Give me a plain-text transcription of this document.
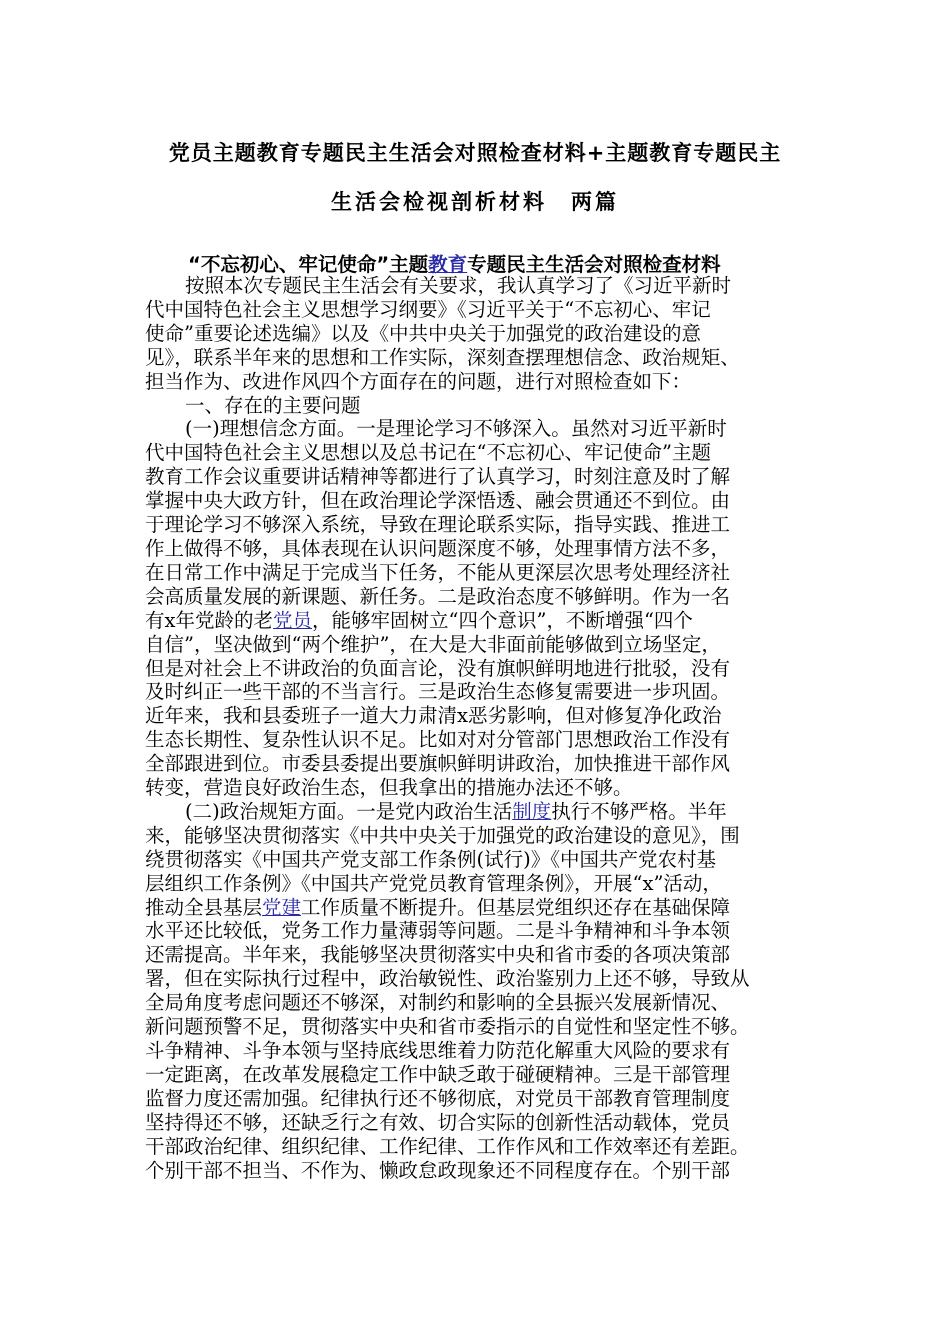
党员主题教育专题民主生活会对照检查材料+主题教育专题民主
生活会检视剖析材料　两篇
“不忘初心、牢记使命”主题教育专题民主生活会对照检查材料
按照本次专题民主生活会有关要求，我认真学习了《习近平新时
代中国特色社会主义思想学习纲要》《习近平关于“不忘初心、牢记
使命”重要论述选编》以及《中共中央关于加强党的政治建设的意
见》，联系半年来的思想和工作实际，深刻查摆理想信念、政治规矩、
担当作为、改进作风四个方面存在的问题，进行对照检查如下：
一、存在的主要问题
(一)理想信念方面。一是理论学习不够深入。虽然对习近平新时
代中国特色社会主义思想以及总书记在“不忘初心、牢记使命”主题
教育工作会议重要讲话精神等都进行了认真学习，时刻注意及时了解
掌握中央大政方针，但在政治理论学深悟透、融会贯通还不到位。由
于理论学习不够深入系统，导致在理论联系实际，指导实践、推进工
作上做得不够，具体表现在认识问题深度不够，处理事情方法不多，
在日常工作中满足于完成当下任务，不能从更深层次思考处理经济社
会高质量发展的新课题、新任务。二是政治态度不够鲜明。作为一名
有x年党龄的老党员，能够牢固树立“四个意识”，不断增强“四个
自信”，坚决做到“两个维护”，在大是大非面前能够做到立场坚定，
但是对社会上不讲政治的负面言论，没有旗帜鲜明地进行批驳，没有
及时纠正一些干部的不当言行。三是政治生态修复需要进一步巩固。
近年来，我和县委班子一道大力肃清x恶劣影响，但对修复净化政治
生态长期性、复杂性认识不足。比如对对分管部门思想政治工作没有
全部跟进到位。市委县委提出要旗帜鲜明讲政治，加快推进干部作风
转变，营造良好政治生态，但我拿出的措施办法还不够。
(二)政治规矩方面。一是党内政治生活制度执行不够严格。半年
来，能够坚决贯彻落实《中共中央关于加强党的政治建设的意见》，围
绕贯彻落实《中国共产党支部工作条例(试行)》《中国共产党农村基
层组织工作条例》《中国共产党党员教育管理条例》，开展“x”活动，
推动全县基层党建工作质量不断提升。但基层党组织还存在基础保障
水平还比较低，党务工作力量薄弱等问题。二是斗争精神和斗争本领
还需提高。半年来，我能够坚决贯彻落实中央和省市委的各项决策部
署，但在实际执行过程中，政治敏锐性、政治鉴别力上还不够，导致从
全局角度考虑问题还不够深，对制约和影响的全县振兴发展新情况、
新问题预警不足，贯彻落实中央和省市委指示的自觉性和坚定性不够。
斗争精神、斗争本领与坚持底线思维着力防范化解重大风险的要求有
一定距离，在改革发展稳定工作中缺乏敢于碰硬精神。三是干部管理
监督力度还需加强。纪律执行还不够彻底，对党员干部教育管理制度
坚持得还不够，还缺乏行之有效、切合实际的创新性活动载体，党员
干部政治纪律、组织纪律、工作纪律、工作作风和工作效率还有差距。
个别干部不担当、不作为、懒政怠政现象还不同程度存在。个别干部
